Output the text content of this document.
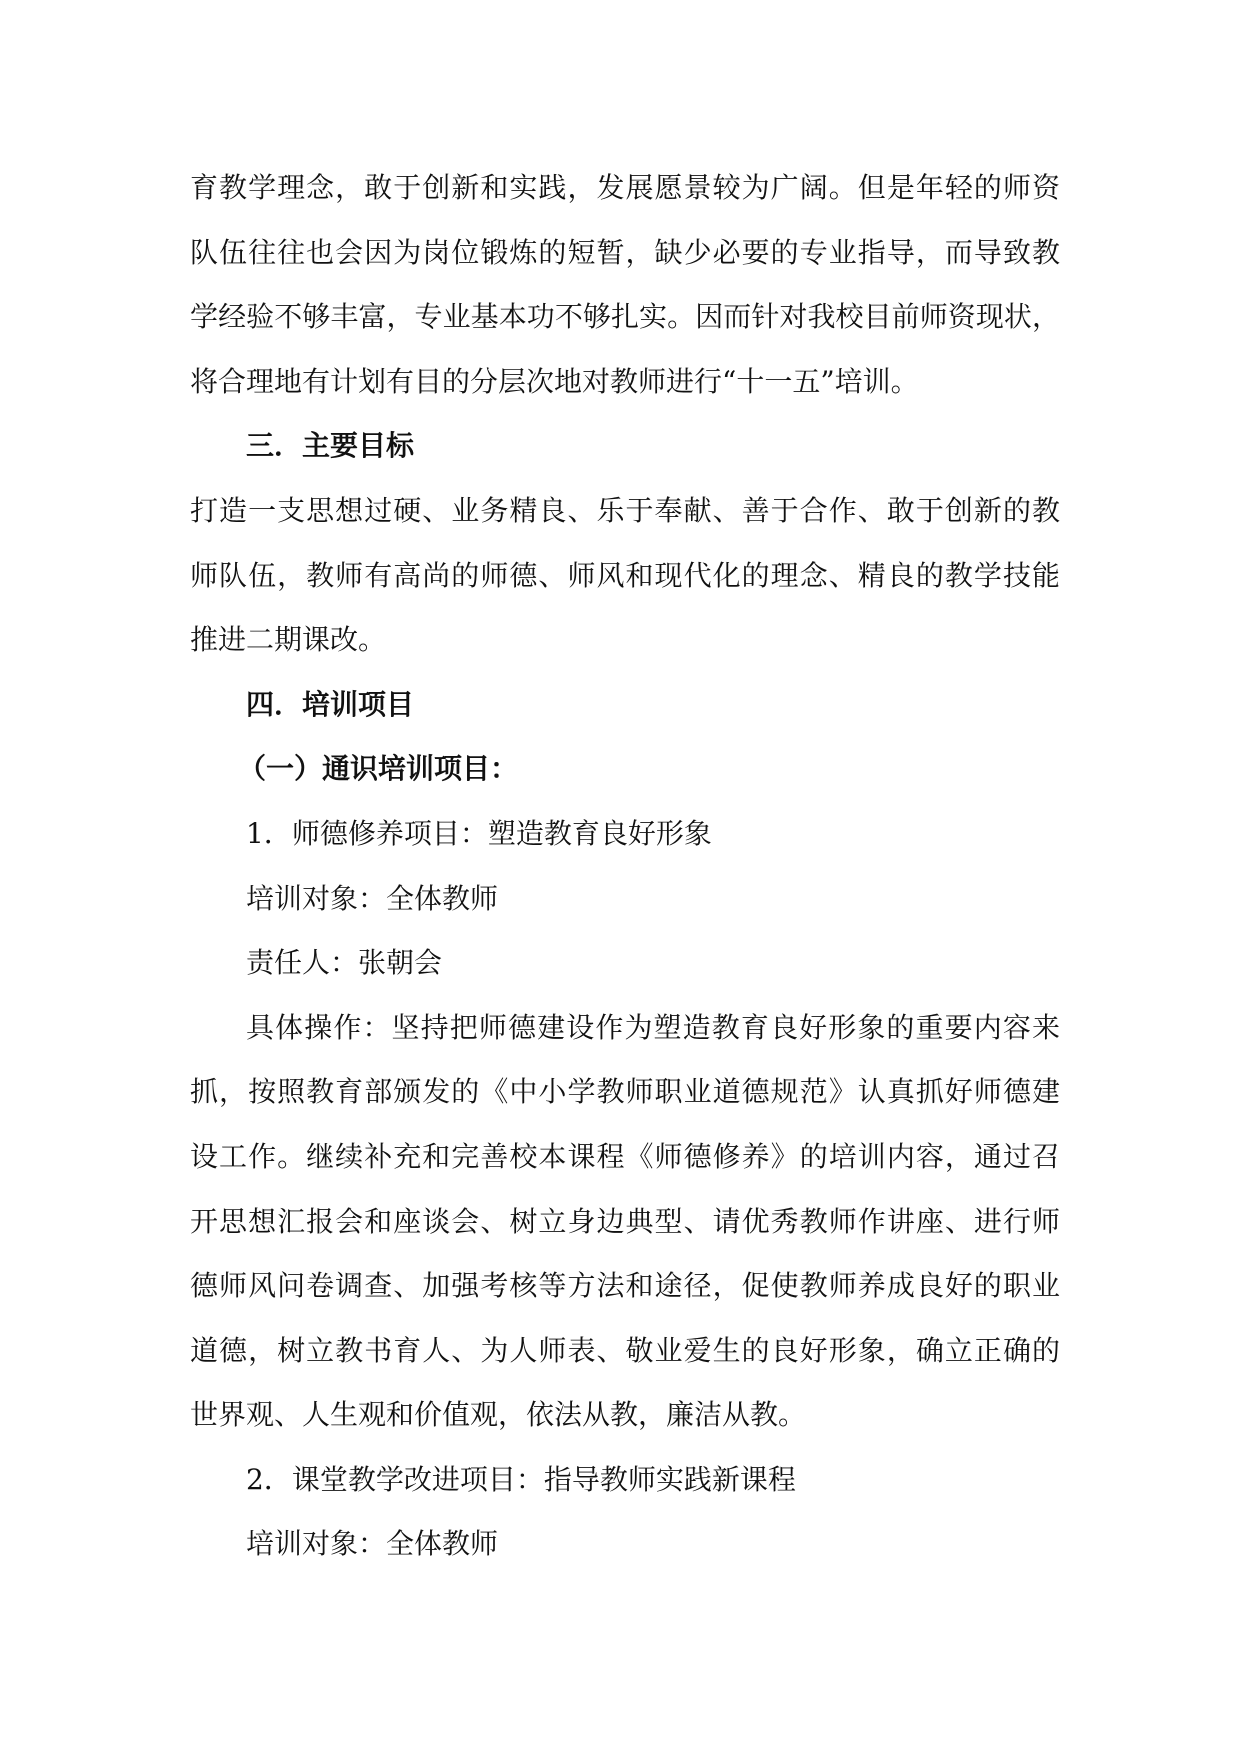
育教学理念，敢于创新和实践，发展愿景较为广阔。但是年轻的师资
队伍往往也会因为岗位锻炼的短暂，缺少必要的专业指导，而导致教
学经验不够丰富，专业基本功不够扎实。因而针对我校目前师资现状，
将合理地有计划有目的分层次地对教师进行“十一五”培训。
三．主要目标
打造一支思想过硬、业务精良、乐于奉献、善于合作、敢于创新的教
师队伍，教师有高尚的师德、师风和现代化的理念、精良的教学技能
推进二期课改。
四．培训项目
（一）通识培训项目：
1．师德修养项目：塑造教育良好形象
培训对象：全体教师
责任人：张朝会
具体操作：坚持把师德建设作为塑造教育良好形象的重要内容来
抓，按照教育部颁发的《中小学教师职业道德规范》认真抓好师德建
设工作。继续补充和完善校本课程《师德修养》的培训内容，通过召
开思想汇报会和座谈会、树立身边典型、请优秀教师作讲座、进行师
德师风问卷调查、加强考核等方法和途径，促使教师养成良好的职业
道德，树立教书育人、为人师表、敬业爱生的良好形象，确立正确的
世界观、人生观和价值观，依法从教，廉洁从教。
2．课堂教学改进项目：指导教师实践新课程
培训对象：全体教师
